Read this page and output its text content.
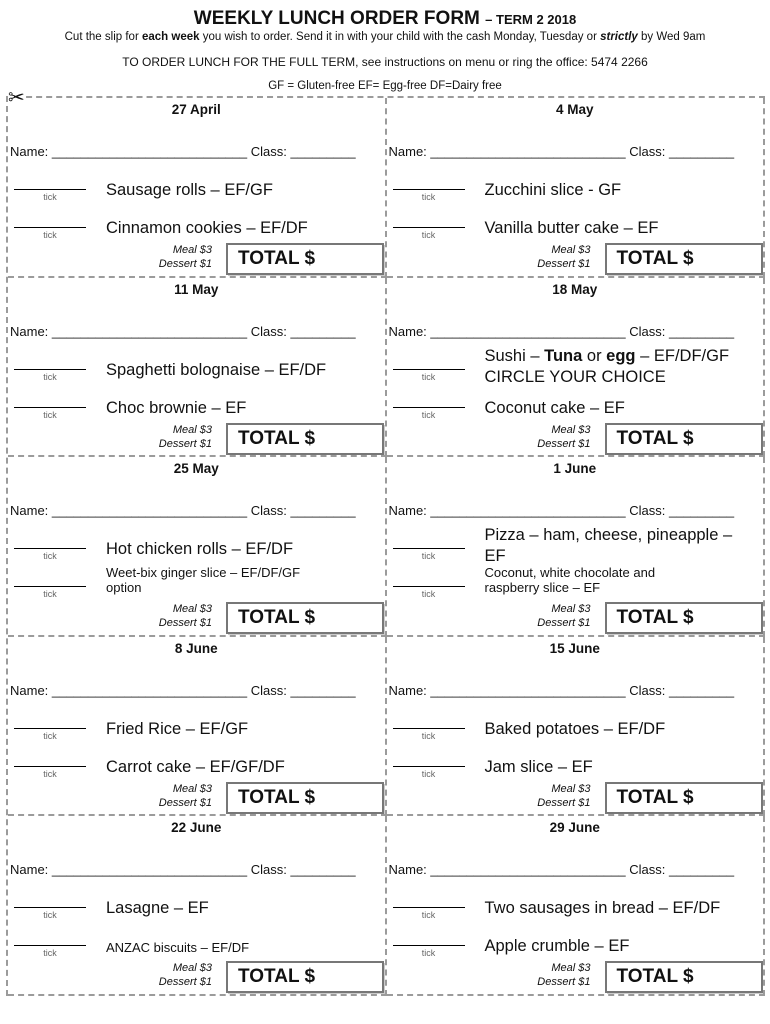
WEEKLY LUNCH ORDER FORM – TERM 2 2018
Cut the slip for each week you wish to order. Send it in with your child with the cash Monday, Tuesday or strictly by Wed 9am
TO ORDER LUNCH FOR THE FULL TERM, see instructions on menu or ring the office: 5474 2266
GF = Gluten-free EF= Egg-free DF=Dairy free
27 April
Name: ___________________________ Class: _________
tick	Sausage rolls – EF/GF
tick	Cinnamon cookies – EF/DF
Meal $3
Dessert $1	TOTAL $
4 May
Name: ___________________________ Class: _________
tick	Zucchini slice - GF
tick	Vanilla butter cake – EF
Meal $3
Dessert $1	TOTAL $
11 May
Name: ___________________________ Class: _________
tick	Spaghetti bolognaise – EF/DF
tick	Choc brownie – EF
Meal $3
Dessert $1	TOTAL $
18 May
Name: ___________________________ Class: _________
tick
Sushi – Tuna or egg – EF/DF/GF
CIRCLE YOUR CHOICE
tick	Coconut cake – EF
Meal $3
Dessert $1	TOTAL $
25 May
Name: ___________________________ Class: _________
tick	Hot chicken rolls – EF/DF
tick
Weet-bix ginger slice – EF/DF/GF
option
Meal $3
Dessert $1	TOTAL $
1 June
Name: ___________________________ Class: _________
tick
Pizza – ham, cheese, pineapple –
EF
tick
Coconut, white chocolate and
raspberry slice – EF
Meal $3
Dessert $1	TOTAL $
8 June
Name: ___________________________ Class: _________
tick	Fried Rice – EF/GF
tick	Carrot cake – EF/GF/DF
Meal $3
Dessert $1	TOTAL $
15 June
Name: ___________________________ Class: _________
tick	Baked potatoes – EF/DF
tick	Jam slice – EF
Meal $3
Dessert $1	TOTAL $
22 June
Name: ___________________________ Class: _________
tick	Lasagne – EF
tick	ANZAC biscuits – EF/DF
Meal $3
Dessert $1	TOTAL $
29 June
Name: ___________________________ Class: _________
tick	Two sausages in bread – EF/DF
tick	Apple crumble – EF
Meal $3
Dessert $1	TOTAL $
✂
